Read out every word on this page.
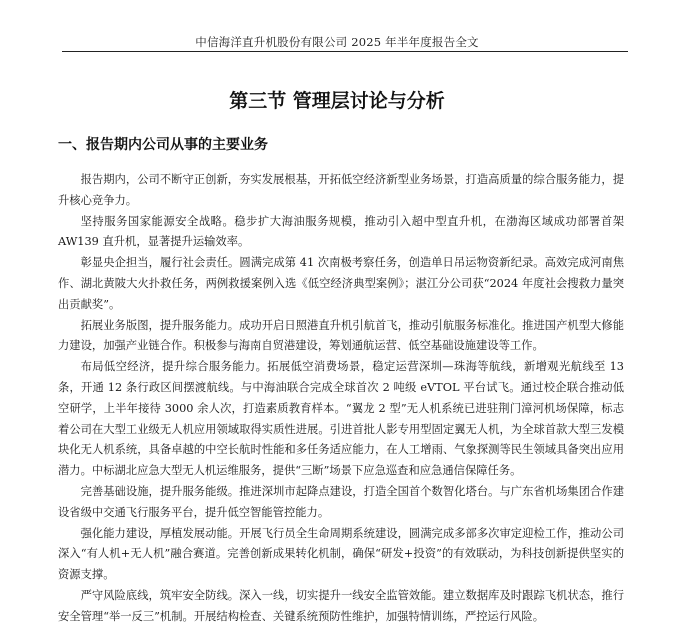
中信海洋直升机股份有限公司 2025 年半年度报告全文
第三节 管理层讨论与分析
一、报告期内公司从事的主要业务

报告期内，公司不断守正创新，夯实发展根基，开拓低空经济新型业务场景，打造高质量的综合服务能力，提升核心竞争力。

坚持服务国家能源安全战略。稳步扩大海油服务规模，推动引入超中型直升机，在渤海区域成功部署首架 AW139 直升机，显著提升运输效率。

彰显央企担当，履行社会责任。圆满完成第 41 次南极考察任务，创造单日吊运物资新纪录。高效完成河南焦作、湖北黄陂大火扑救任务，两例救援案例入选《低空经济典型案例》；湛江分公司获“2024 年度社会搜救力量突出贡献奖”。

拓展业务版图，提升服务能力。成功开启日照港直升机引航首飞，推动引航服务标准化。推进国产机型大修能力建设，加强产业链合作。积极参与海南自贸港建设，筹划通航运营、低空基础设施建设等工作。

布局低空经济，提升综合服务能力。拓展低空消费场景，稳定运营深圳—珠海等航线，新增观光航线至 13 条，开通 12 条行政区间摆渡航线。与中海油联合完成全球首次 2 吨级 eVTOL 平台试飞。通过校企联合推动低空研学，上半年接待 3000 余人次，打造素质教育样本。“翼龙 2 型”无人机系统已进驻荆门漳河机场保障，标志着公司在大型工业级无人机应用领域取得实质性进展。引进首批人影专用型固定翼无人机，为全球首款大型三发模块化无人机系统，具备卓越的中空长航时性能和多任务适应能力，在人工增雨、气象探测等民生领域具备突出应用潜力。中标湖北应急大型无人机运维服务，提供“三断”场景下应急巡查和应急通信保障任务。

完善基础设施，提升服务能级。推进深圳市起降点建设，打造全国首个数智化塔台。与广东省机场集团合作建设省级中交通飞行服务平台，提升低空智能管控能力。

强化能力建设，厚植发展动能。开展飞行员全生命周期系统建设，圆满完成多部多次审定迎检工作，推动公司深入“有人机+无人机”融合赛道。完善创新成果转化机制，确保“研发+投资”的有效联动，为科技创新提供坚实的资源支撑。

严守风险底线，筑牢安全防线。深入一线，切实提升一线安全监管效能。建立数据库及时跟踪飞机状态，推行安全管理“举一反三”机制。开展结构检查、关键系统预防性维护，加强特情训练，严控运行风险。
